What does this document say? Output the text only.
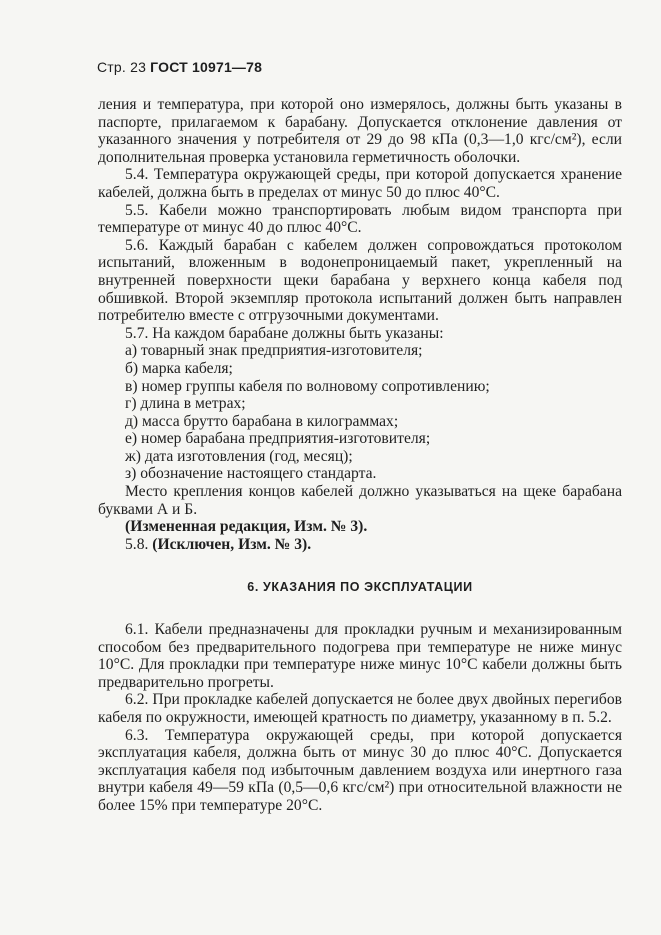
Стр. 23 ГОСТ 10971—78

ления и температура, при которой оно измерялось, должны быть указаны в паспорте, прилагаемом к барабану. Допускается отклонение давления от указанного значения у потребителя от 29 до 98 кПа (0,3—1,0 кгс/см²), если дополнительная проверка установила герметичность оболочки.

5.4. Температура окружающей среды, при которой допускается хранение кабелей, должна быть в пределах от минус 50 до плюс 40°С.

5.5. Кабели можно транспортировать любым видом транспорта при температуре от минус 40 до плюс 40°С.

5.6. Каждый барабан с кабелем должен сопровождаться протоколом испытаний, вложенным в водонепроницаемый пакет, укрепленный на внутренней поверхности щеки барабана у верхнего конца кабеля под обшивкой. Второй экземпляр протокола испытаний должен быть направлен потребителю вместе с отгрузочными документами.

5.7. На каждом барабане должны быть указаны:

а) товарный знак предприятия-изготовителя;

б) марка кабеля;

в) номер группы кабеля по волновому сопротивлению;

г) длина в метрах;

д) масса брутто барабана в килограммах;

е) номер барабана предприятия-изготовителя;

ж) дата изготовления (год, месяц);

з) обозначение настоящего стандарта.

Место крепления концов кабелей должно указываться на щеке барабана буквами А и Б.

(Измененная редакция, Изм. № 3).

5.8. (Исключен, Изм. № 3).

6. УКАЗАНИЯ ПО ЭКСПЛУАТАЦИИ

6.1. Кабели предназначены для прокладки ручным и механизированным способом без предварительного подогрева при температуре не ниже минус 10°С. Для прокладки при температуре ниже минус 10°С кабели должны быть предварительно прогреты.

6.2. При прокладке кабелей допускается не более двух двойных перегибов кабеля по окружности, имеющей кратность по диаметру, указанному в п. 5.2.

6.3. Температура окружающей среды, при которой допускается эксплуатация кабеля, должна быть от минус 30 до плюс 40°С. Допускается эксплуатация кабеля под избыточным давлением воздуха или инертного газа внутри кабеля 49—59 кПа (0,5—0,6 кгс/см²) при относительной влажности не более 15% при температуре 20°С.
